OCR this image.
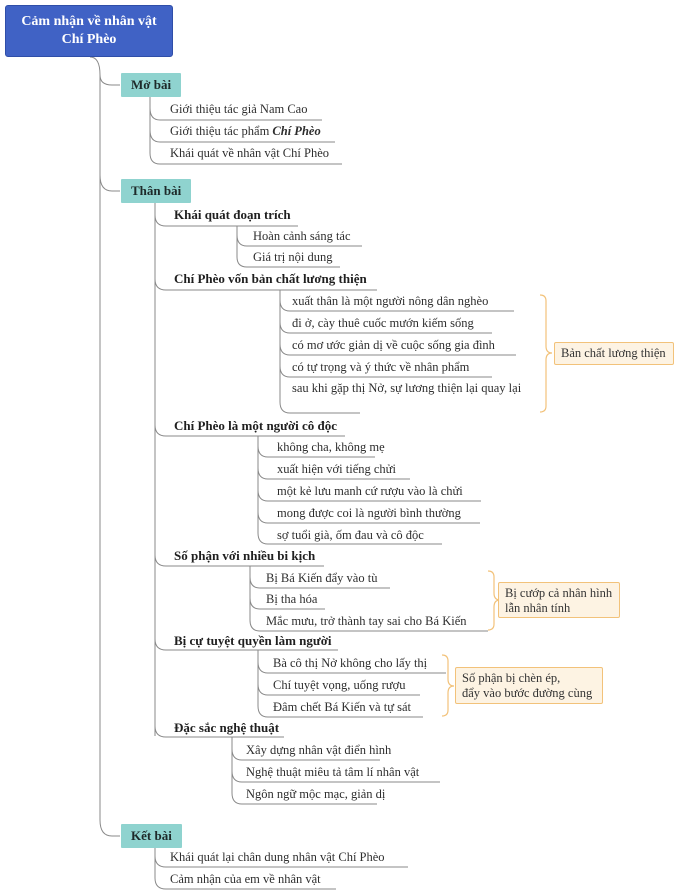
Cảm nhận về nhân vật
Chí Phèo
Mở bài
Giới thiệu tác giả Nam Cao
Giới thiệu tác phẩm Chí Phèo
Khái quát về nhân vật Chí Phèo
Thân bài
Khái quát đoạn trích
Hoàn cảnh sáng tác
Giá trị nội dung
Chí Phèo vốn bản chất lương thiện
xuất thân là một người nông dân nghèo
đi ở, cày thuê cuốc mướn kiếm sống
có mơ ước giản dị về cuộc sống gia đình
có tự trọng và ý thức về nhân phẩm
sau khi gặp thị Nở, sự lương thiện lại quay lại
Bản chất lương thiện
Chí Phèo là một người cô độc
không cha, không mẹ
xuất hiện với tiếng chửi
một kẻ lưu manh cứ rượu vào là chửi
mong được coi là người bình thường
sợ tuổi già, ốm đau và cô độc
Số phận với nhiều bi kịch
Bị Bá Kiến đẩy vào tù
Bị tha hóa
Mắc mưu, trở thành tay sai cho Bá Kiến
Bị cướp cả nhân hình
lẫn nhân tính
Bị cự tuyệt quyền làm người
Bà cô thị Nở không cho lấy thị
Chí tuyệt vọng, uống rượu
Đâm chết Bá Kiến và tự sát
Số phận bị chèn ép,
đẩy vào bước đường cùng
Đặc sắc nghệ thuật
Xây dựng nhân vật điển hình
Nghệ thuật miêu tả tâm lí nhân vật
Ngôn ngữ mộc mạc, giản dị
Kết bài
Khái quát lại chân dung nhân vật Chí Phèo
Cảm nhận của em về nhân vật
